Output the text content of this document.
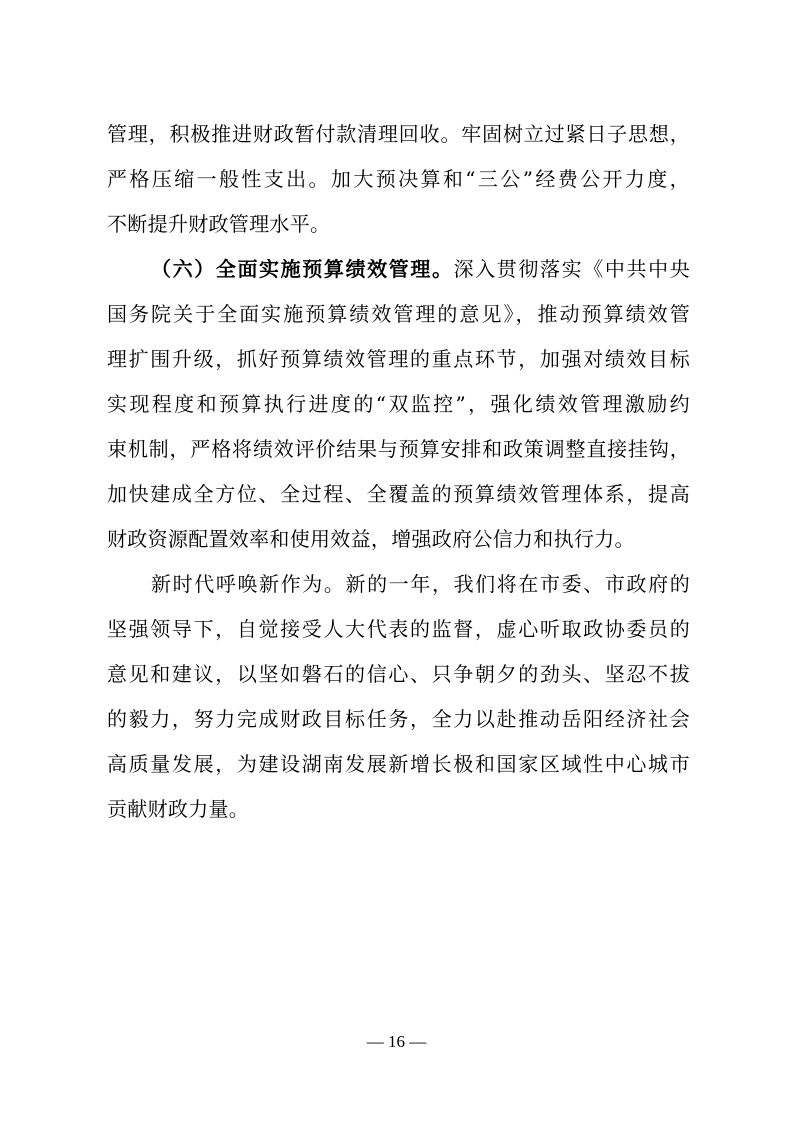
管理，积极推进财政暂付款清理回收。牢固树立过紧日子思想，
严格压缩一般性支出。加大预决算和“三公”经费公开力度，
不断提升财政管理水平。
（六）全面实施预算绩效管理。深入贯彻落实《中共中央
国务院关于全面实施预算绩效管理的意见》，推动预算绩效管
理扩围升级，抓好预算绩效管理的重点环节，加强对绩效目标
实现程度和预算执行进度的“双监控”，强化绩效管理激励约
束机制，严格将绩效评价结果与预算安排和政策调整直接挂钩，
加快建成全方位、全过程、全覆盖的预算绩效管理体系，提高
财政资源配置效率和使用效益，增强政府公信力和执行力。
新时代呼唤新作为。新的一年，我们将在市委、市政府的
坚强领导下，自觉接受人大代表的监督，虚心听取政协委员的
意见和建议，以坚如磐石的信心、只争朝夕的劲头、坚忍不拔
的毅力，努力完成财政目标任务，全力以赴推动岳阳经济社会
高质量发展，为建设湖南发展新增长极和国家区域性中心城市
贡献财政力量。
— 16 —
